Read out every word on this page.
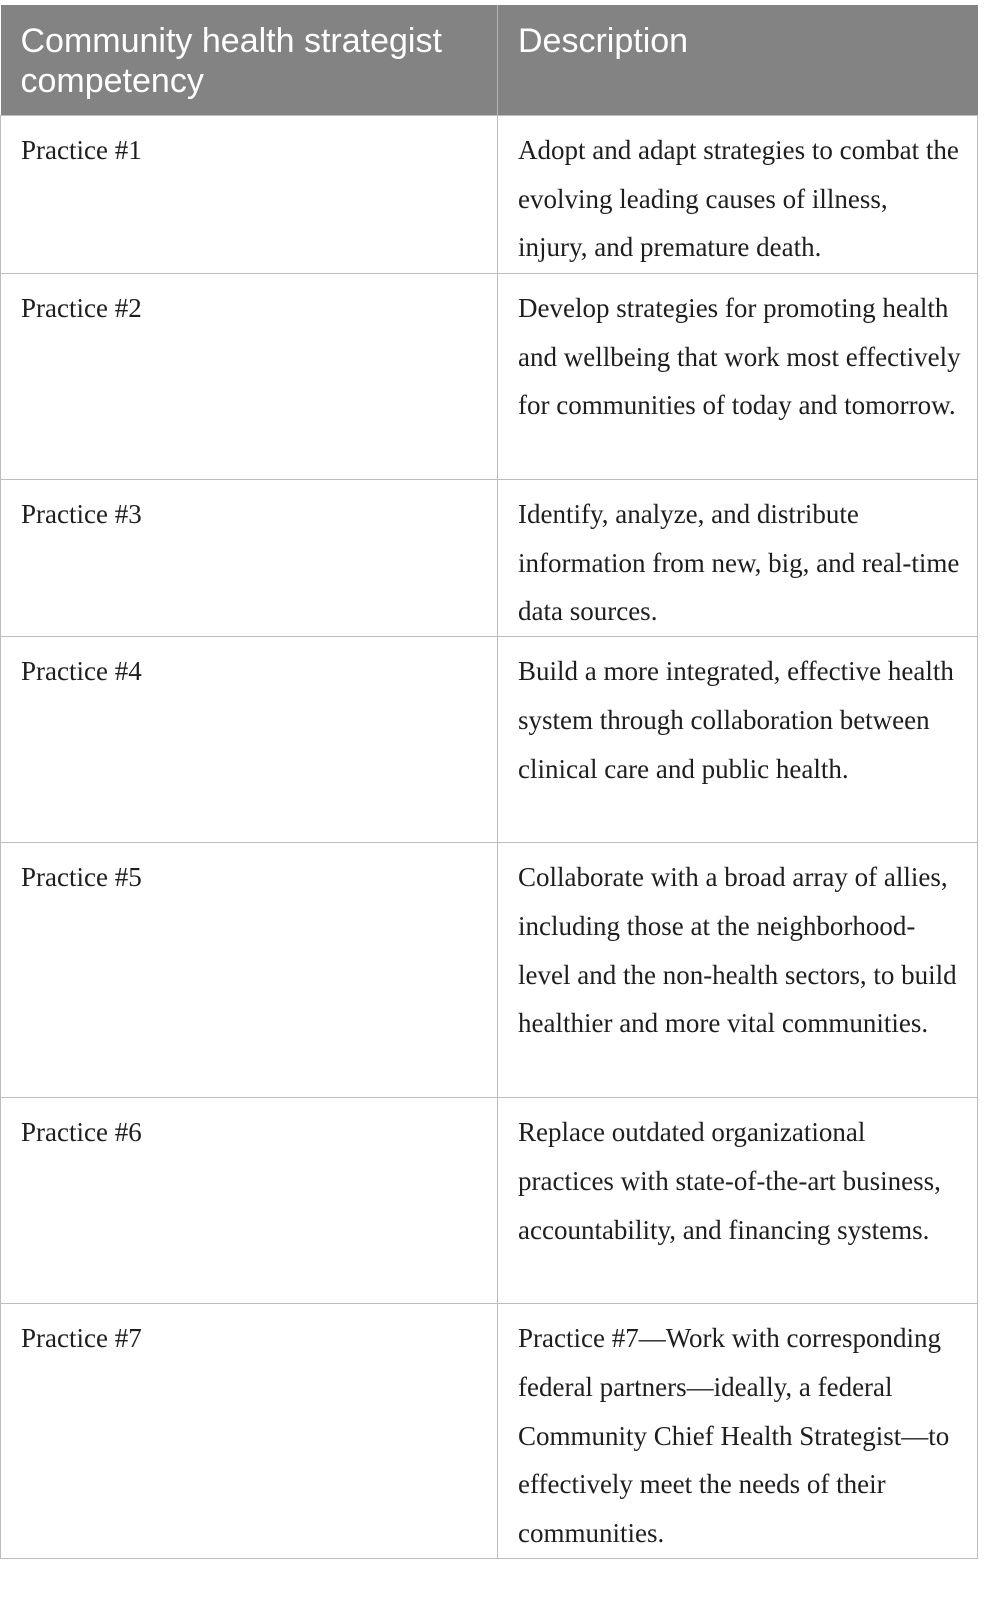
Community health strategist competency	Description
Practice #1	Adopt and adapt strategies to combat the evolving leading causes of illness, injury, and premature death.
Practice #2	Develop strategies for promoting health and wellbeing that work most effectively for communities of today and tomorrow.
Practice #3	Identify, analyze, and distribute information from new, big, and real-time data sources.
Practice #4	Build a more integrated, effective health system through collaboration between clinical care and public health.
Practice #5	Collaborate with a broad array of allies, including those at the neighborhood-level and the non-health sectors, to build healthier and more vital communities.
Practice #6	Replace outdated organizational practices with state-of-the-art business, accountability, and financing systems.
Practice #7	Practice #7—Work with corresponding federal partners—ideally, a federal Community Chief Health Strategist—to effectively meet the needs of their communities.
